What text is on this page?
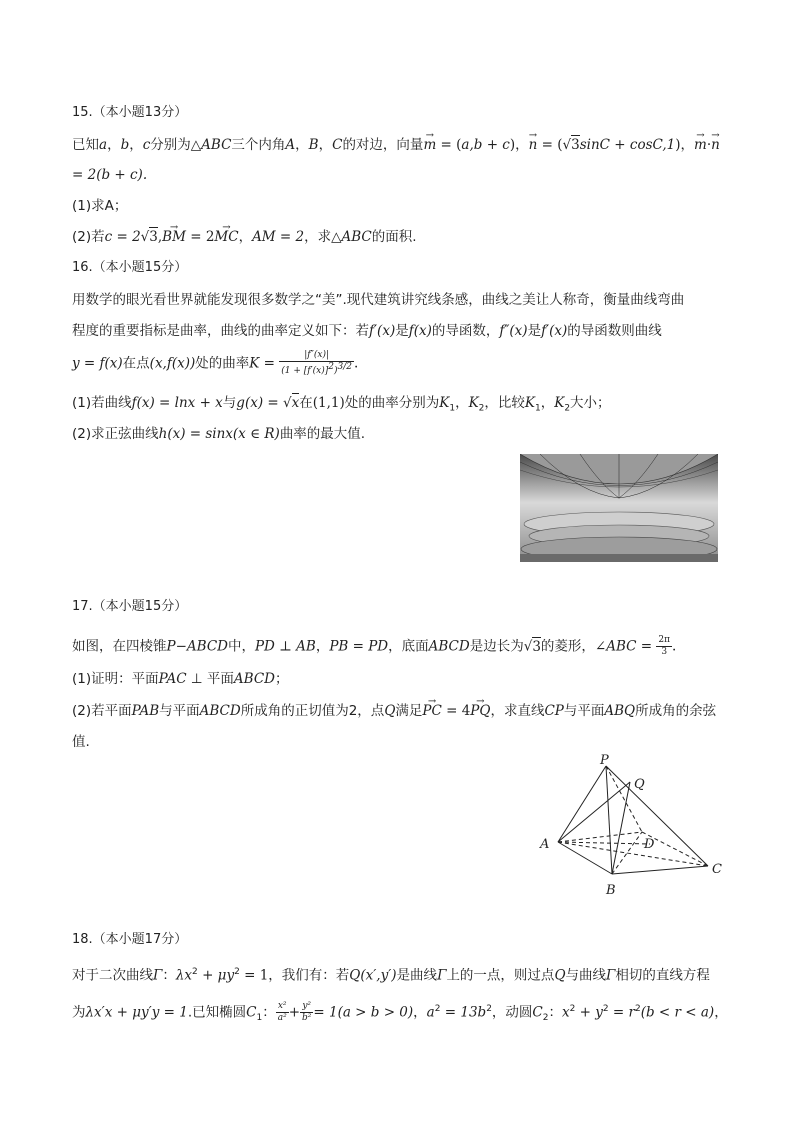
15.（本小题13分）
已知a，b，c分别为△ABC三个内角A，B，C的对边，向量→ m = (a,b + c)，→ n = (√3sinC + cosC,1)，→ m·→ n
= 2(b + c).
(1)求A；
(2)若c = 2√3,→ BM = 2→ MC，AM = 2，求△ABC的面积.
16.（本小题15分）
用数学的眼光看世界就能发现很多数学之“美”.现代建筑讲究线条感，曲线之美让人称奇，衡量曲线弯曲
程度的重要指标是曲率，曲线的曲率定义如下：若f′(x)是f(x)的导函数，f″(x)是f′(x)的导函数则曲线
y = f(x)在点(x,f(x))处的曲率$K = \frac{|f''(x)|}{(1 + [f'(x)]^2)^{3/2}}$ .
(1)若曲线f(x) = lnx + x与g(x) = √x在(1,1)处的曲率分别为$K_1$，$K_2$，比较$K_1$，$K_2$大小；
(2)求正弦曲线h(x) = sinx(x ∈ R)曲率的最大值.
17.（本小题15分）
如图，在四棱锥P−ABCD中，PD ⊥ AB，PB = PD，底面ABCD是边长为√3的菱形，∠ABC = $\frac{2\pi}{3}$ .
(1)证明：平面PAC ⊥ 平面ABCD；
(2)若平面PAB与平面ABCD所成角的正切值为2，点Q满足→ PC = 4→ PQ，求直线CP与平面ABQ所成角的余弦
值.
P
Q
D
A
B
C
18.（本小题17分）
对于二次曲线Γ：$\lambda x^2 + \mu y^2 = 1$，我们有：若Q(x′,y′)是曲线Γ上的一点，则过点Q与曲线Γ相切的直线方程
为λx′x + μy′y = 1.已知椭圆$C_1$： $\frac{\text{x²}}{\text{a²}} + \frac{\text{y²}}{\text{b²}} = 1(a > b > 0)$，$a^2 = 13b^2$，动圆$C_2$：$x^2 + y^2 = r^2(b < r < a)$，
